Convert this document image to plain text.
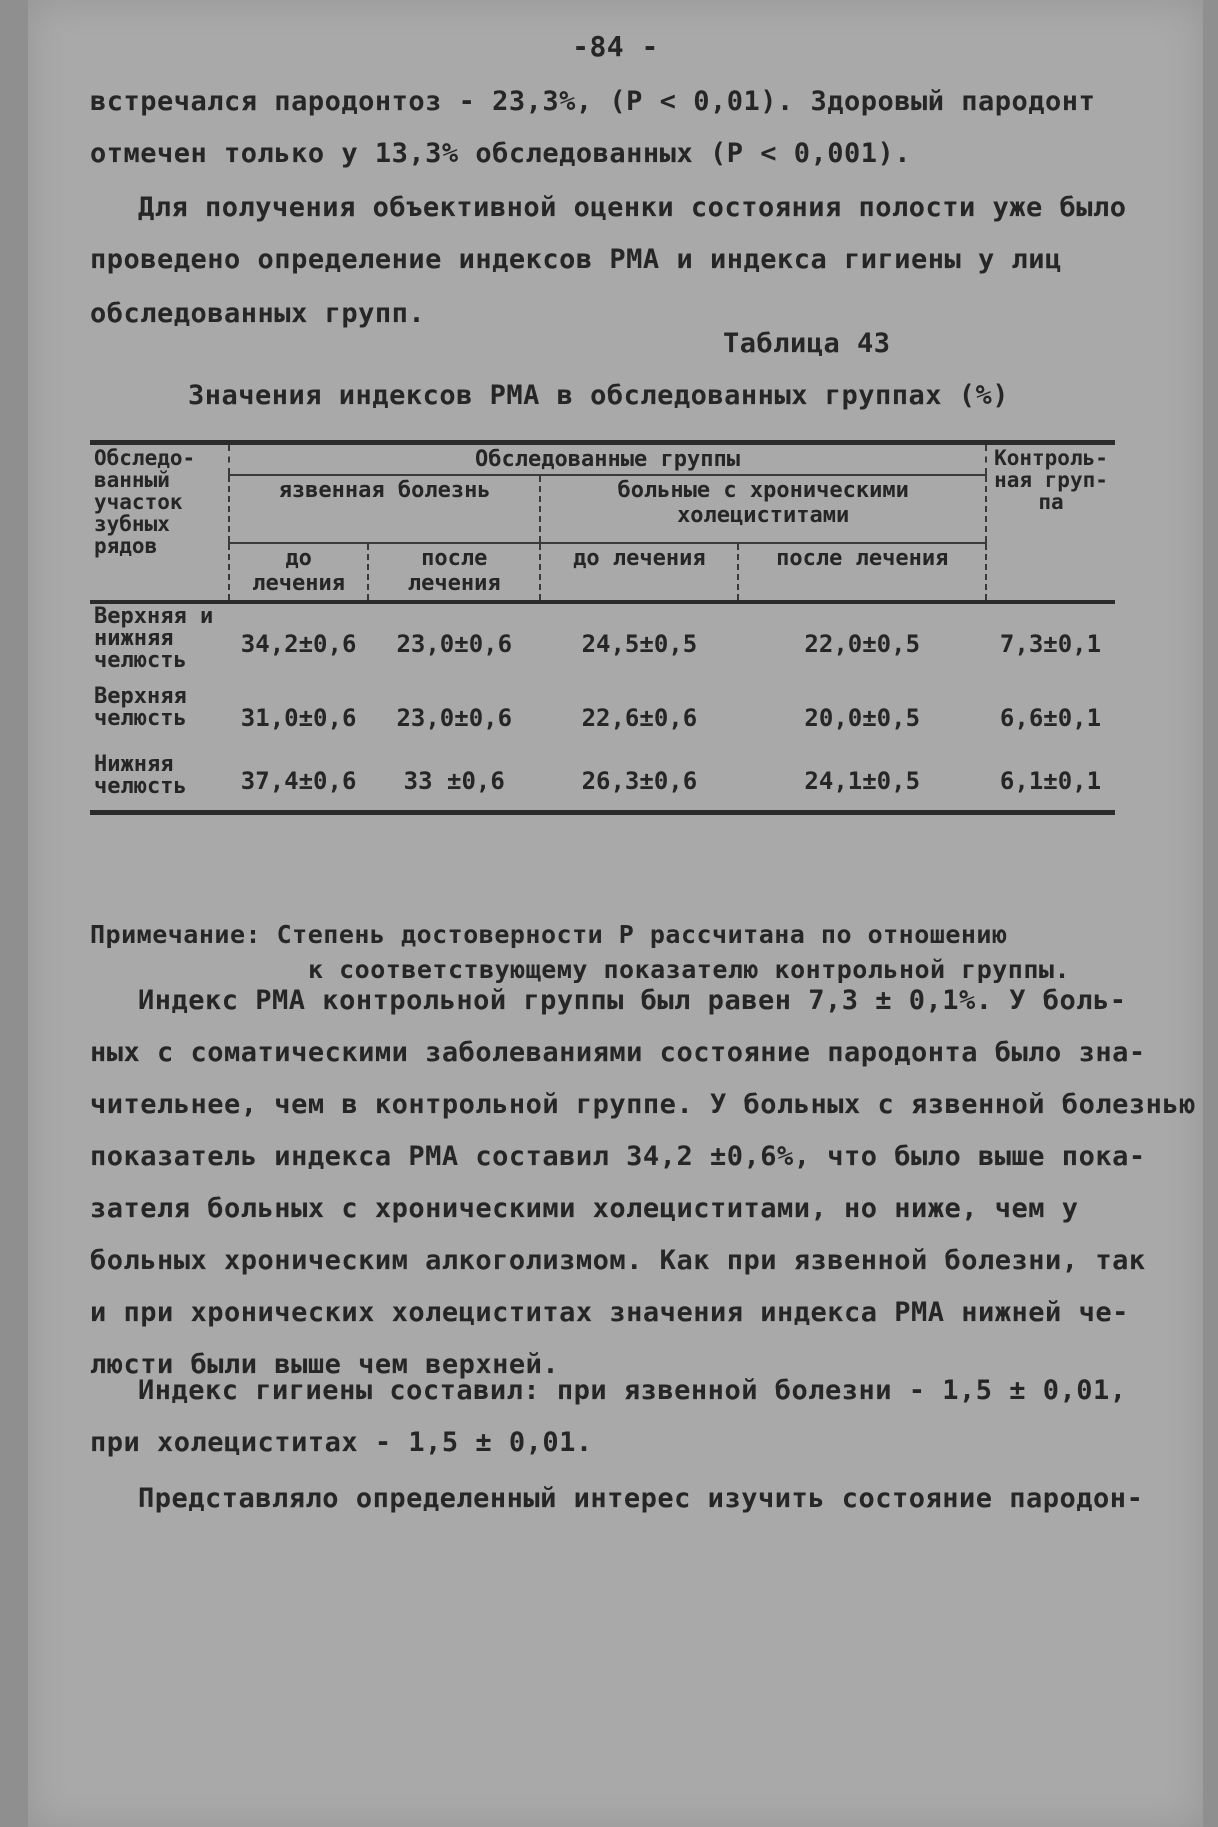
-84 -
встречался пародонтоз - 23,3%, (Р < 0,01). Здоровый пародонт
отмечен только у 13,3% обследованных (Р < 0,001).
Для получения объективной оценки состояния полости уже было
проведено определение индексов РМА и индекса гигиены у лиц
обследованных групп.
Таблица 43
Значения индексов РМА в обследованных группах (%)
Обследо-ванный участок зубных рядов	Обследованные группы				Контроль-ная груп-па
	язвенная болезнь		больные с хроническими холециститами		
	до лечения	после лечения	до лечения	после лечения	
Верхняя и нижняя челюсть	34,2±0,6	23,0±0,6	24,5±0,5	22,0±0,5	7,3±0,1
Верхняя челюсть	31,0±0,6	23,0±0,6	22,6±0,6	20,0±0,5	6,6±0,1
Нижняя челюсть	37,4±0,6	33 ±0,6	26,3±0,6	24,1±0,5	6,1±0,1
Примечание: Степень достоверности Р рассчитана по отношению
к соответствующему показателю контрольной группы.
Индекс РМА контрольной группы был равен 7,3 ± 0,1%. У боль-
ных с соматическими заболеваниями состояние пародонта было зна-
чительнее, чем в контрольной группе. У больных с язвенной болезнью
показатель индекса РМА составил 34,2 ±0,6%, что было выше пока-
зателя больных с хроническими холециститами, но ниже, чем у
больных хроническим алкоголизмом. Как при язвенной болезни, так
и при хронических холециститах значения индекса РМА нижней че-
люсти были выше чем верхней.
Индекс гигиены составил: при язвенной болезни - 1,5 ± 0,01,
при холециститах - 1,5 ± 0,01.
Представляло определенный интерес изучить состояние пародон-
